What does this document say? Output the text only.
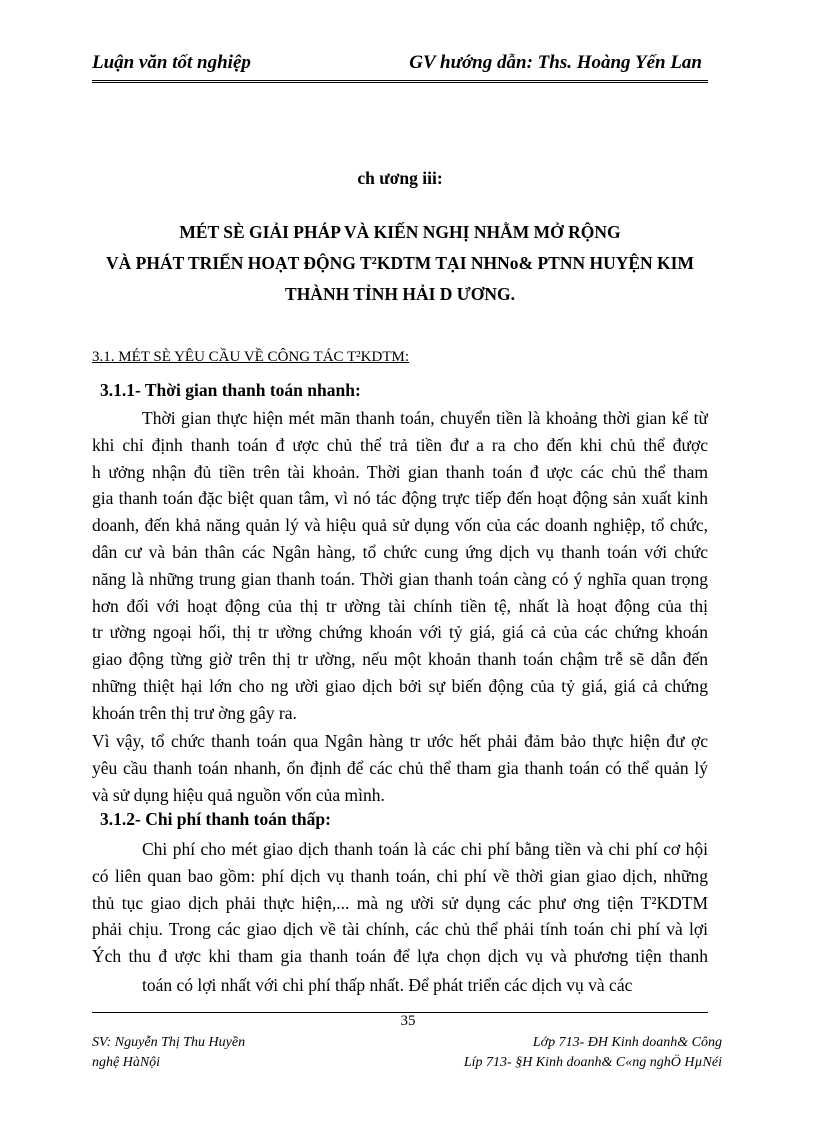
Luận văn tốt nghiệp	GV hướng dẫn: Ths. Hoàng Yến Lan
ch ương iii:
MÉT SÈ GIẢI PHÁP VÀ KIẾN NGHỊ NHẰM MỞ RỘNG
VÀ PHÁT TRIỂN HOẠT ĐỘNG T²KDTM TẠI NHNo& PTNN HUYỆN KIM
THÀNH TỈNH HẢI D ƯƠNG.
3.1. MÉT SÈ YÊU CẦU VỀ CÔNG TÁC T²KDTM:
3.1.1- Thời gian thanh toán nhanh:
Thời gian thực hiện mét mãn thanh toán, chuyển tiền là khoảng thời gian kể từ
khi chỉ định thanh toán đ ược chủ thể trả tiền đư a ra cho đến khi chủ thể được
h ưởng nhận đủ tiền trên tài khoản. Thời gian thanh toán đ ược các chủ thể tham
gia thanh toán đặc biệt quan tâm, vì nó tác động trực tiếp đến hoạt động sản xuất kinh
doanh, đến khả năng quản lý và hiệu quả sử dụng vốn của các doanh nghiệp, tổ chức,
dân cư và bản thân các Ngân hàng, tổ chức cung ứng dịch vụ thanh toán với chức
năng là những trung gian thanh toán. Thời gian thanh toán càng có ý nghĩa quan trọng
hơn đối với hoạt động của thị tr ường tài chính tiền tệ, nhất là hoạt động của thị
tr ường ngoại hối, thị tr ường chứng khoán với tỷ giá, giá cả của các chứng khoán
giao động từng giờ trên thị tr ường, nếu một khoản thanh toán chậm trễ sẽ dẫn đến
những thiệt hại lớn cho ng ười giao dịch bởi sự biến động của tỷ giá, giá cả chứng
khoán trên thị trư ờng gây ra.
Vì vậy, tổ chức thanh toán qua Ngân hàng tr ước hết phải đảm bảo thực hiện đư ợc
yêu cầu thanh toán nhanh, ổn định để các chủ thể tham gia thanh toán có thể quản lý
và sử dụng hiệu quả nguồn vốn của mình.
3.1.2- Chi phí thanh toán thấp:
Chi phí cho mét giao dịch thanh toán là các chi phí bằng tiền và chi phí cơ hội
có liên quan bao gồm: phí dịch vụ thanh toán, chi phí về thời gian giao dịch, những
thủ tục giao dịch phải thực hiện,... mà ng ười sử dụng các phư ơng tiện T²KDTM
phải chịu. Trong các giao dịch về tài chính, các chủ thể phải tính toán chi phí và lợi
Ých thu đ ược khi tham gia thanh toán để lựa chọn dịch vụ và phương tiện thanh
toán có lợi nhất với chi phí thấp nhất. Để phát triển các dịch vụ và các
35
SV: Nguyễn Thị Thu Huyền	Lớp 713- ĐH Kinh doanh& Công
nghệ HàNội	Líp 713- §H Kinh doanh& C«ng nghÖ HµNéi
